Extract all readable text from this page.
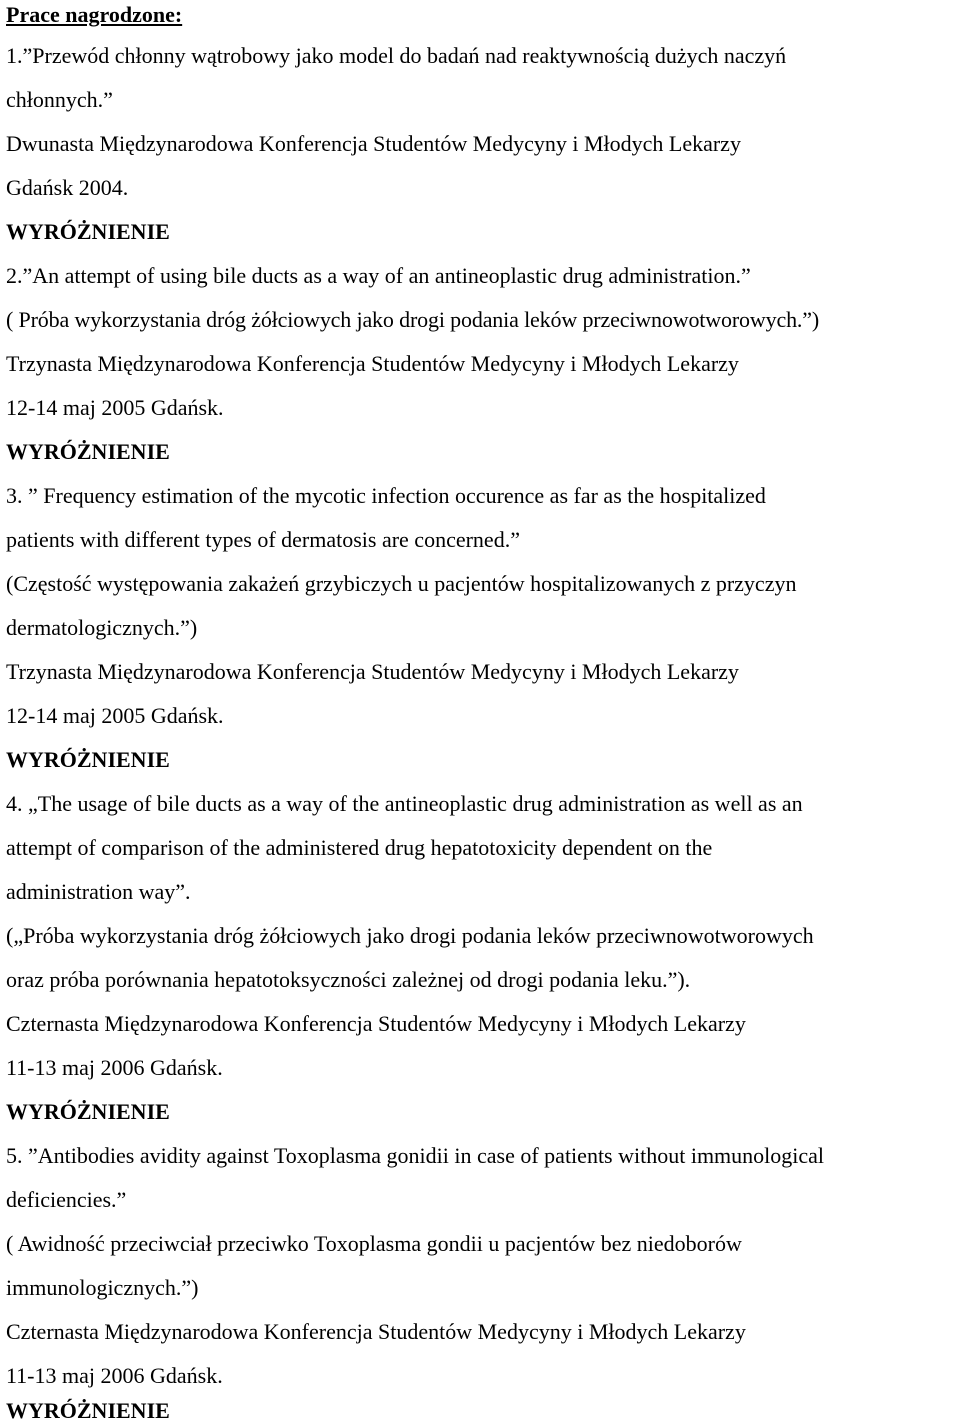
Prace nagrodzone:
1.”Przewód chłonny wątrobowy jako model do badań nad reaktywnością dużych naczyń
chłonnych.”
Dwunasta Międzynarodowa Konferencja Studentów Medycyny i Młodych Lekarzy
Gdańsk 2004.
WYRÓŻNIENIE
2.”An attempt of using bile ducts as a way of an antineoplastic drug administration.”
( Próba wykorzystania dróg żółciowych jako drogi podania leków przeciwnowotworowych.”)
Trzynasta Międzynarodowa Konferencja Studentów Medycyny i Młodych Lekarzy
12-14 maj 2005 Gdańsk.
WYRÓŻNIENIE
3. ” Frequency estimation of the mycotic infection occurence as far as the hospitalized
patients with different types of dermatosis are concerned.”
(Częstość występowania zakażeń grzybiczych u pacjentów hospitalizowanych z przyczyn
dermatologicznych.”)
Trzynasta Międzynarodowa Konferencja Studentów Medycyny i Młodych Lekarzy
12-14 maj 2005 Gdańsk.
WYRÓŻNIENIE
4. „The usage of bile ducts as a way of the antineoplastic drug administration as well as an
attempt of comparison of the administered drug hepatotoxicity dependent on the
administration way”.
(„Próba wykorzystania dróg żółciowych jako drogi podania leków przeciwnowotworowych
oraz próba porównania hepatotoksyczności zależnej od drogi podania leku.”).
Czternasta Międzynarodowa Konferencja Studentów Medycyny i Młodych Lekarzy
11-13 maj 2006 Gdańsk.
WYRÓŻNIENIE
5. ”Antibodies avidity against Toxoplasma gonidii in case of patients without immunological
deficiencies.”
( Awidność przeciwciał przeciwko Toxoplasma gondii u pacjentów bez niedoborów
immunologicznych.”)
Czternasta Międzynarodowa Konferencja Studentów Medycyny i Młodych Lekarzy
11-13 maj 2006 Gdańsk.
WYRÓŻNIENIE
